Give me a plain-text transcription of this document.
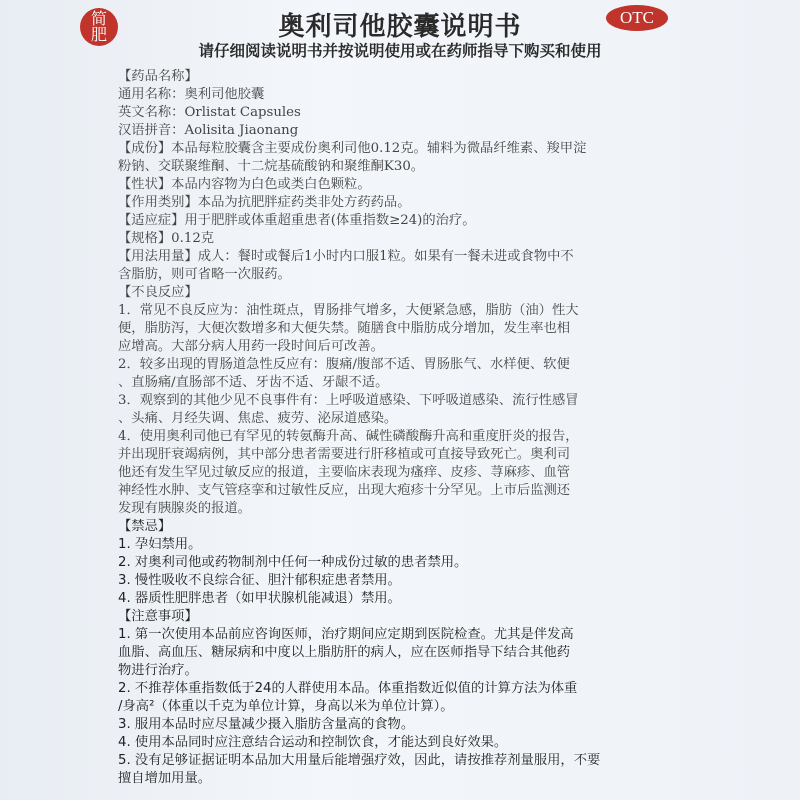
简肥	奥利司他胶囊说明书	OTC
请仔细阅读说明书并按说明使用或在药师指导下购买和使用

【药品名称】

通用名称：奥利司他胶囊

英文名称：Orlistat Capsules

汉语拼音：Aolisita Jiaonang

【成份】本品每粒胶囊含主要成份奥利司他0.12克。辅料为微晶纤维素、羧甲淀

粉钠、交联聚维酮、十二烷基硫酸钠和聚维酮K30。

【性状】本品内容物为白色或类白色颗粒。

【作用类别】本品为抗肥胖症药类非处方药药品。

【适应症】用于肥胖或体重超重患者(体重指数≥24)的治疗。

【规格】0.12克

【用法用量】成人：餐时或餐后1小时内口服1粒。如果有一餐未进或食物中不

含脂肪，则可省略一次服药。

【不良反应】

1．常见不良反应为：油性斑点，胃肠排气增多，大便紧急感，脂肪（油）性大

便，脂肪泻，大便次数增多和大便失禁。随膳食中脂肪成分增加，发生率也相

应增高。大部分病人用药一段时间后可改善。

2．较多出现的胃肠道急性反应有：腹痛/腹部不适、胃肠胀气、水样便、软便

、直肠痛/直肠部不适、牙齿不适、牙龈不适。

3．观察到的其他少见不良事件有：上呼吸道感染、下呼吸道感染、流行性感冒

、头痛、月经失调、焦虑、疲劳、泌尿道感染。

4．使用奥利司他已有罕见的转氨酶升高、碱性磷酸酶升高和重度肝炎的报告，

并出现肝衰竭病例，其中部分患者需要进行肝移植或可直接导致死亡。奥利司

他还有发生罕见过敏反应的报道，主要临床表现为瘙痒、皮疹、荨麻疹、血管

神经性水肿、支气管痉挛和过敏性反应，出现大疱疹十分罕见。上市后监测还

发现有胰腺炎的报道。

【禁忌】

1. 孕妇禁用。

2. 对奥利司他或药物制剂中任何一种成份过敏的患者禁用。

3. 慢性吸收不良综合征、胆汁郁积症患者禁用。

4. 器质性肥胖患者（如甲状腺机能减退）禁用。

【注意事项】

1. 第一次使用本品前应咨询医师，治疗期间应定期到医院检查。尤其是伴发高

血脂、高血压、糖尿病和中度以上脂肪肝的病人，应在医师指导下结合其他药

物进行治疗。

2. 不推荐体重指数低于24的人群使用本品。体重指数近似值的计算方法为体重

/身高²（体重以千克为单位计算，身高以米为单位计算）。

3. 服用本品时应尽量减少摄入脂肪含量高的食物。

4. 使用本品同时应注意结合运动和控制饮食，才能达到良好效果。

5. 没有足够证据证明本品加大用量后能增强疗效，因此，请按推荐剂量服用，不要

擅自增加用量。
